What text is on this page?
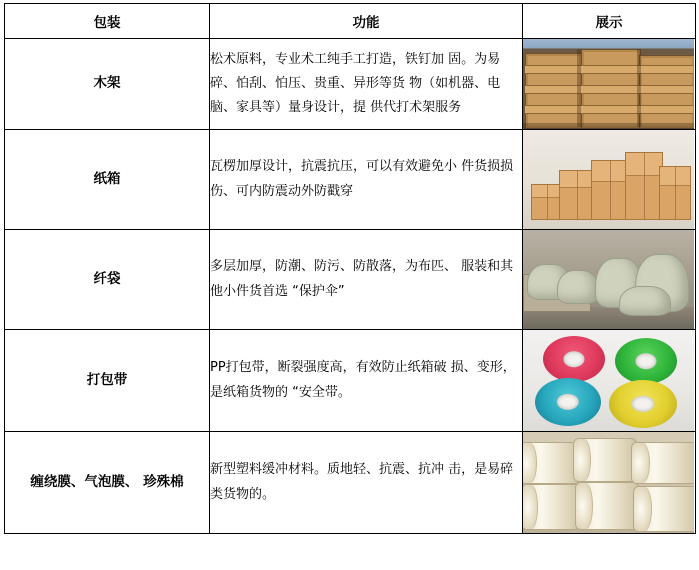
包装	功能	展示
木架	松术原料，专业术工纯手工打造，铁钉加 固。为易碎、怕刮、怕压、贵重、异形等货 物（如机器、电脑、家具等）量身设计，提 供代打术架服务	

纸箱	瓦楞加厚设计，抗震抗压，可以有效避免小 件货损损伤、可内防震动外防戳穿	

纤袋	多层加厚，防潮、防污、防散落，为布匹、 服装和其他小件货首选 “保护伞”	

打包带	PP打包带，断裂强度高，有效防止纸箱破 损、变形，是纸箱货物的 “安全带。	

缠绕膜、气泡膜、 珍殊棉	新型塑料缓冲材料。质地轻、抗震、抗冲 击，是易碎类货物的。	
